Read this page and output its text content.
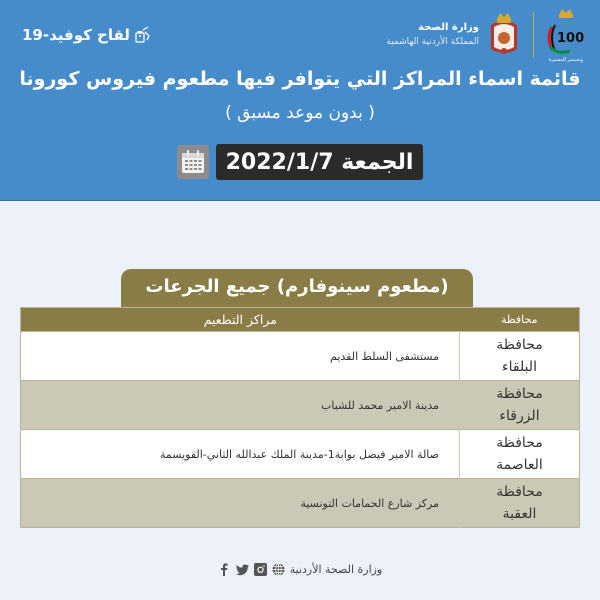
لقاح كوفيد-19	وزارة الصحة
المملكة الأردنية الهاشمية	100
وتستمر المسيرة
قائمة اسماء المراكز التي يتوافر فيها مطعوم فيروس كورونا
( بدون موعد مسبق )
الجمعة 2022/1/7
(مطعوم سينوفارم) جميع الجرعات
محافظة	مراكز التطعيم

محافظة
البلقاء	مستشفى السلط القديم

محافظة
الزرقاء	مدينة الامير محمد للشباب

محافظة
العاصمة	صالة الامير فيصل بوابة1-مدينة الملك عبدالله الثاني-القويسمة

محافظة
العقبة	مركز شارع الحمامات التونسية
وزارة الصحة الأردنية
